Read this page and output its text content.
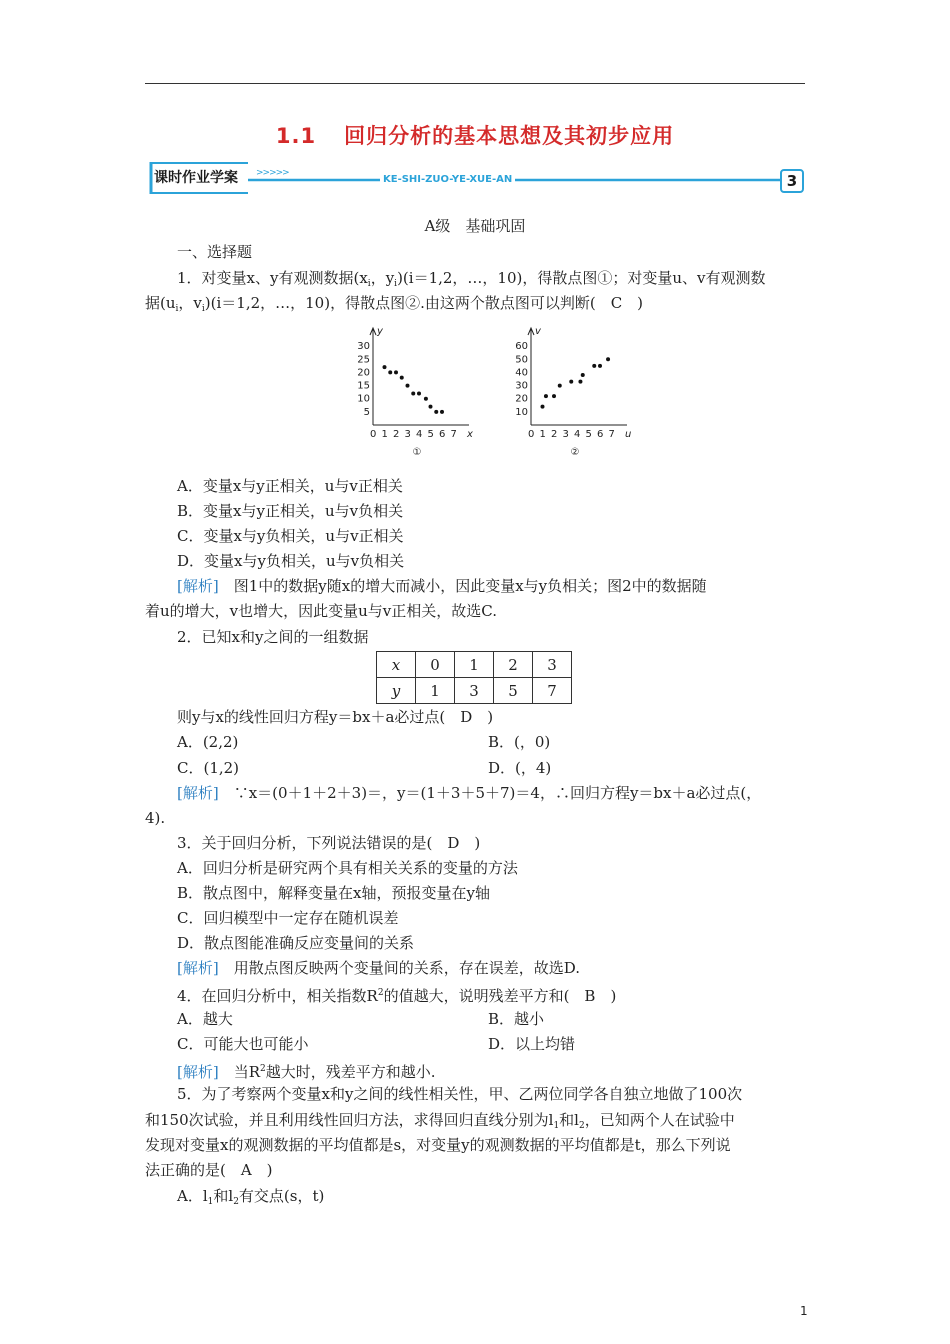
1.1 回归分析的基本思想及其初步应用
课时作业学案 >>>>>
KE-SHI-ZUO-YE-XUE-AN	3
A级　基础巩固
一、选择题
1．对变量x、y有观测数据($x_i$，$y_i)(i=1,2$，…，10)，得散点图①；对变量u、v有观测数
据($u_i$，$v_i)(i=1,2$，…，10)，得散点图②.由这两个散点图可以判断(　C　)
y
0 1 2 3 4 5 6 7 x
5
10
15
20
25
30
①
v
0 1 2 3 4 5 6 7 u
10
20
30
40
50
60
②
A．变量x与y正相关，u与v正相关
B．变量x与y正相关，u与v负相关
C．变量x与y负相关，u与v正相关
D．变量x与y负相关，u与v负相关
[解析]　图1中的数据y随x的增大而减小，因此变量x与y负相关；图2中的数据随
着u的增大，v也增大，因此变量u与v正相关，故选C.
2．已知x和y之间的一组数据
x	0	1	2	3
y	1	3	5	7
则y与x的线性回归方程y＝bx＋a必过点(　D　)
A．(2,2)	B．(，0)
C．(1,2)	D．(，4)
[解析]　∵x＝(0＋1＋2＋3)＝，y＝(1＋3＋5＋7)＝4，∴回归方程y＝bx＋a必过点(，
4).
3．关于回归分析，下列说法错误的是(　D　)
A．回归分析是研究两个具有相关关系的变量的方法
B．散点图中，解释变量在x轴，预报变量在y轴
C．回归模型中一定存在随机误差
D．散点图能准确反应变量间的关系
[解析]　用散点图反映两个变量间的关系，存在误差，故选D.
4．在回归分析中，相关指数$R^2$的值越大，说明残差平方和(　B　)
A．越大	B．越小
C．可能大也可能小	D．以上均错
[解析]　当$R^2$越大时，残差平方和越小.
5．为了考察两个变量x和y之间的线性相关性，甲、乙两位同学各自独立地做了100次
和150次试验，并且利用线性回归方法，求得回归直线分别为$l_1$和$l_2$，已知两个人在试验中
发现对变量x的观测数据的平均值都是s，对变量y的观测数据的平均值都是t，那么下列说
法正确的是(　A　)
A．$l_1$和$l_2$有交点(s，t)
1
